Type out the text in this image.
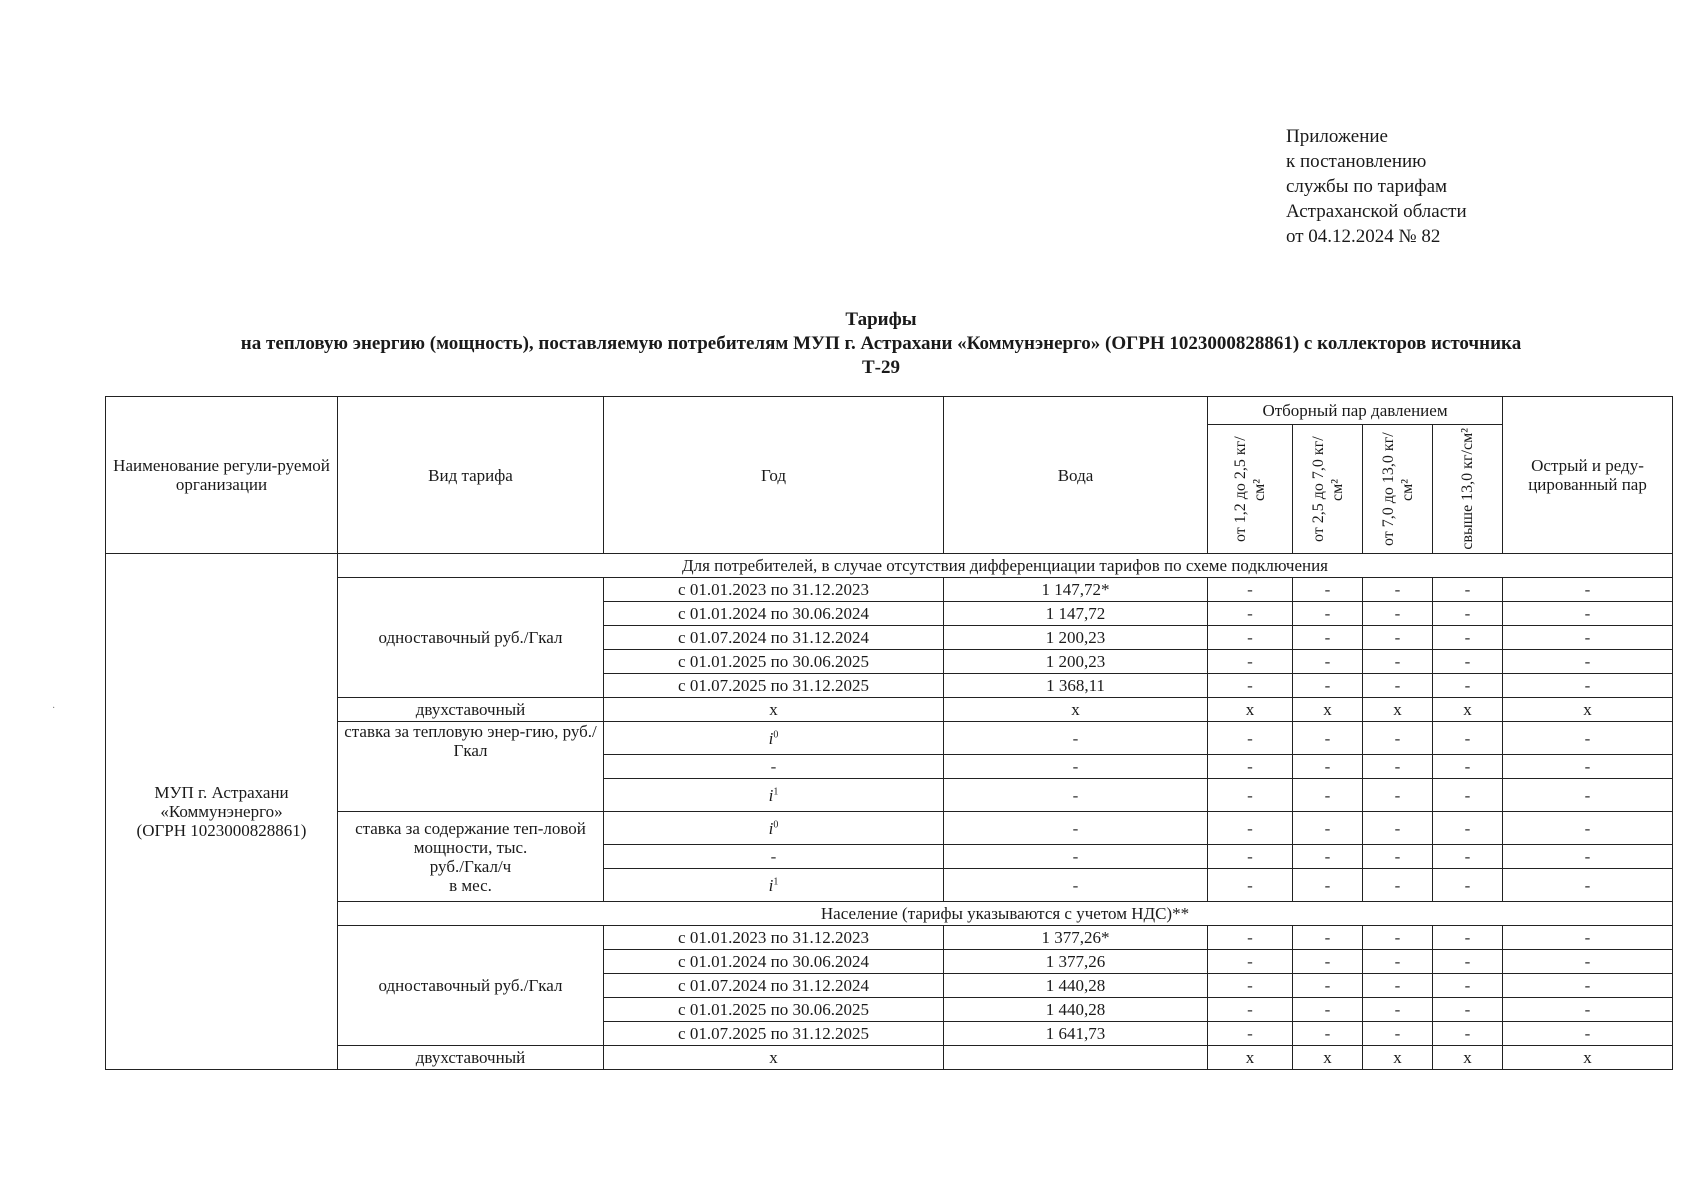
Приложение
к постановлению
службы по тарифам
Астраханской области
от 04.12.2024 № 82
Тарифы
на тепловую энергию (мощность), поставляемую потребителям МУП г. Астрахани «Коммунэнерго» (ОГРН 1023000828861) с коллекторов источника
Т-29
·
Наименование регули-руемой организации	Вид тарифа	Год	Вода	Отборный пар давлением				Острый и реду-цированный пар

				от 1,2 до 2,5 кг/см²	от 2,5 до 7,0 кг/см²	от 7,0 до 13,0 кг/см²	свыше 13,0 кг/см²	

МУП г. Астрахани
«Коммунэнерго»
(ОГРН 1023000828861)	Для потребителей, в случае отсутствия дифференциации тарифов по схеме подключения							
	одноставочный руб./Гкал	с 01.01.2023 по 31.12.2023	1 147,72*	-	-	-	-	-
		с 01.01.2024 по 30.06.2024	1 147,72	-	-	-	-	-
		с 01.07.2024 по 31.12.2024	1 200,23	-	-	-	-	-
		с 01.01.2025 по 30.06.2025	1 200,23	-	-	-	-	-
		с 01.07.2025 по 31.12.2025	1 368,11	-	-	-	-	-
	двухставочный	x	x	x	x	x	x	x
	ставка за тепловую энер-гию, руб./Гкал	$i^0$	-	-	-	-	-	-
		-	-	-	-	-	-	-
		$i^1$	-	-	-	-	-	-

	ставка за содержание теп-ловой мощности, тыс.
руб./Гкал/ч
в мес.	$i^0$	-	-	-	-	-	-
		-	-	-	-	-	-	-
		$i^1$	-	-	-	-	-	-
	Население (тарифы указываются с учетом НДС)**							
	одноставочный руб./Гкал	с 01.01.2023 по 31.12.2023	1 377,26*	-	-	-	-	-
		с 01.01.2024 по 30.06.2024	1 377,26	-	-	-	-	-
		с 01.07.2024 по 31.12.2024	1 440,28	-	-	-	-	-
		с 01.01.2025 по 30.06.2025	1 440,28	-	-	-	-	-
		с 01.07.2025 по 31.12.2025	1 641,73	-	-	-	-	-
	двухставочный	x		x	x	x	x	x
